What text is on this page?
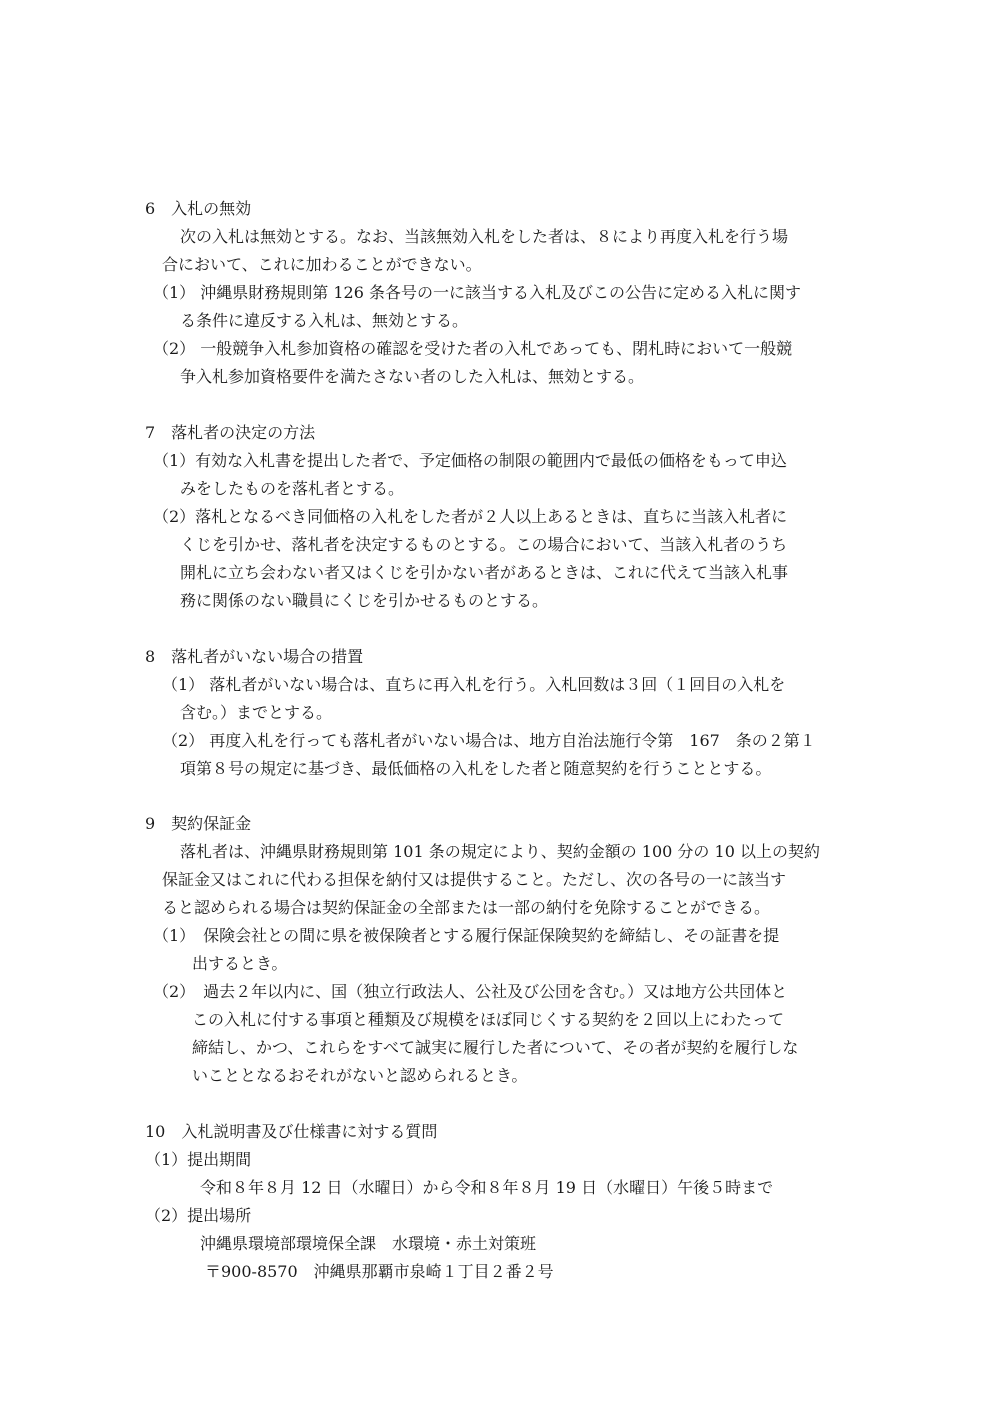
6　入札の無効
次の入札は無効とする。なお、当該無効入札をした者は、８により再度入札を行う場
合において、これに加わることができない。
（1） 沖縄県財務規則第 126 条各号の一に該当する入札及びこの公告に定める入札に関す
る条件に違反する入札は、無効とする。
（2） 一般競争入札参加資格の確認を受けた者の入札であっても、閉札時において一般競
争入札参加資格要件を満たさない者のした入札は、無効とする。
7　落札者の決定の方法
（1）有効な入札書を提出した者で、予定価格の制限の範囲内で最低の価格をもって申込
みをしたものを落札者とする。
（2）落札となるべき同価格の入札をした者が２人以上あるときは、直ちに当該入札者に
くじを引かせ、落札者を決定するものとする。この場合において、当該入札者のうち
開札に立ち会わない者又はくじを引かない者があるときは、これに代えて当該入札事
務に関係のない職員にくじを引かせるものとする。
8　落札者がいない場合の措置
（1） 落札者がいない場合は、直ちに再入札を行う。入札回数は３回（１回目の入札を
含む。）までとする。
（2） 再度入札を行っても落札者がいない場合は、地方自治法施行令第　167　条の２第１
項第８号の規定に基づき、最低価格の入札をした者と随意契約を行うこととする。
9　契約保証金
落札者は、沖縄県財務規則第 101 条の規定により、契約金額の 100 分の 10 以上の契約
保証金又はこれに代わる担保を納付又は提供すること。ただし、次の各号の一に該当す
ると認められる場合は契約保証金の全部または一部の納付を免除することができる。
（1）　保険会社との間に県を被保険者とする履行保証保険契約を締結し、その証書を提
出するとき。
（2）　過去２年以内に、国（独立行政法人、公社及び公団を含む。）又は地方公共団体と
この入札に付する事項と種類及び規模をほぼ同じくする契約を２回以上にわたって
締結し、かつ、これらをすべて誠実に履行した者について、その者が契約を履行しな
いこととなるおそれがないと認められるとき。
10　入札説明書及び仕様書に対する質問
（1）提出期間
令和８年８月 12 日（水曜日）から令和８年８月 19 日（水曜日）午後５時まで
（2）提出場所
沖縄県環境部環境保全課　水環境・赤土対策班
〒900-8570　沖縄県那覇市泉崎１丁目２番２号
